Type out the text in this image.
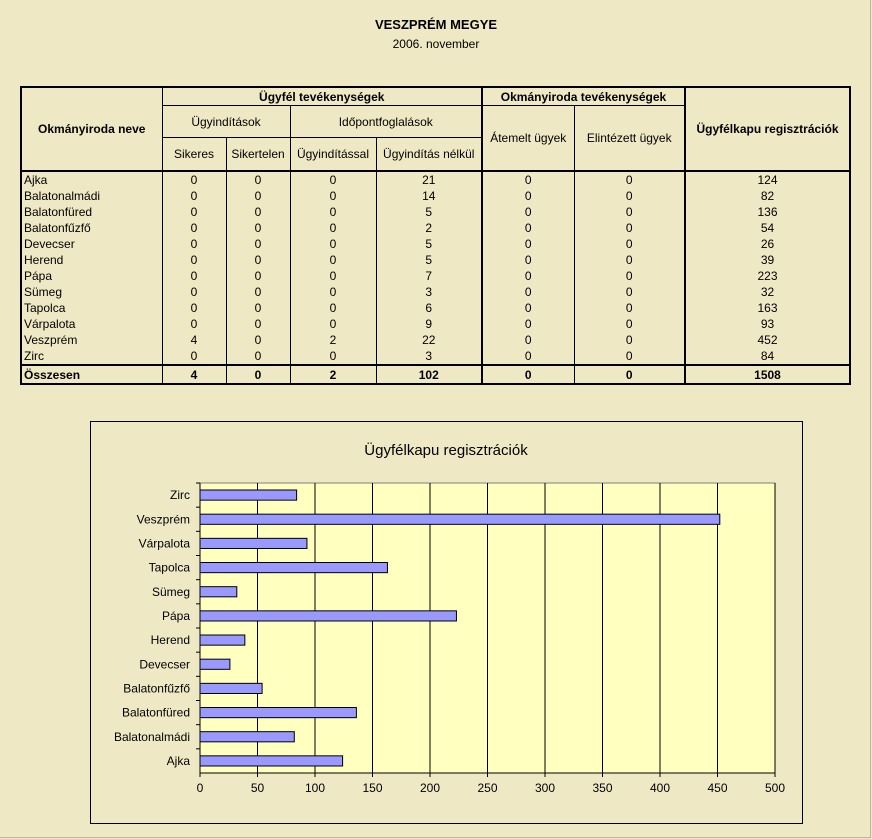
VESZPRÉM MEGYE
2006. november
Okmányiroda neve	Ügyfél tevékenységek				Okmányiroda tevékenységek		Ügyfélkapu regisztrációk
	Ügyindítások		Időpontfoglalások		Átemelt ügyek	Elintézett ügyek	
	Sikeres	Sikertelen	Ügyindítással	Ügyindítás nélkül			
Ajka	0	0	0	21	0	0	124
Balatonalmádi	0	0	0	14	0	0	82
Balatonfüred	0	0	0	5	0	0	136
Balatonfűzfő	0	0	0	2	0	0	54
Devecser	0	0	0	5	0	0	26
Herend	0	0	0	5	0	0	39
Pápa	0	0	0	7	0	0	223
Sümeg	0	0	0	3	0	0	32
Tapolca	0	0	0	6	0	0	163
Várpalota	0	0	0	9	0	0	93
Veszprém	4	0	2	22	0	0	452
Zirc	0	0	0	3	0	0	84
Összesen	4	0	2	102	0	0	1508
Ügyfélkapu regisztrációk
Zirc
Veszprém
Várpalota
Tapolca
Sümeg
Pápa
Herend
Devecser
Balatonfűzfő
Balatonfüred
Balatonalmádi
Ajka
0	50	100	150	200	250	300	350	400	450	500
